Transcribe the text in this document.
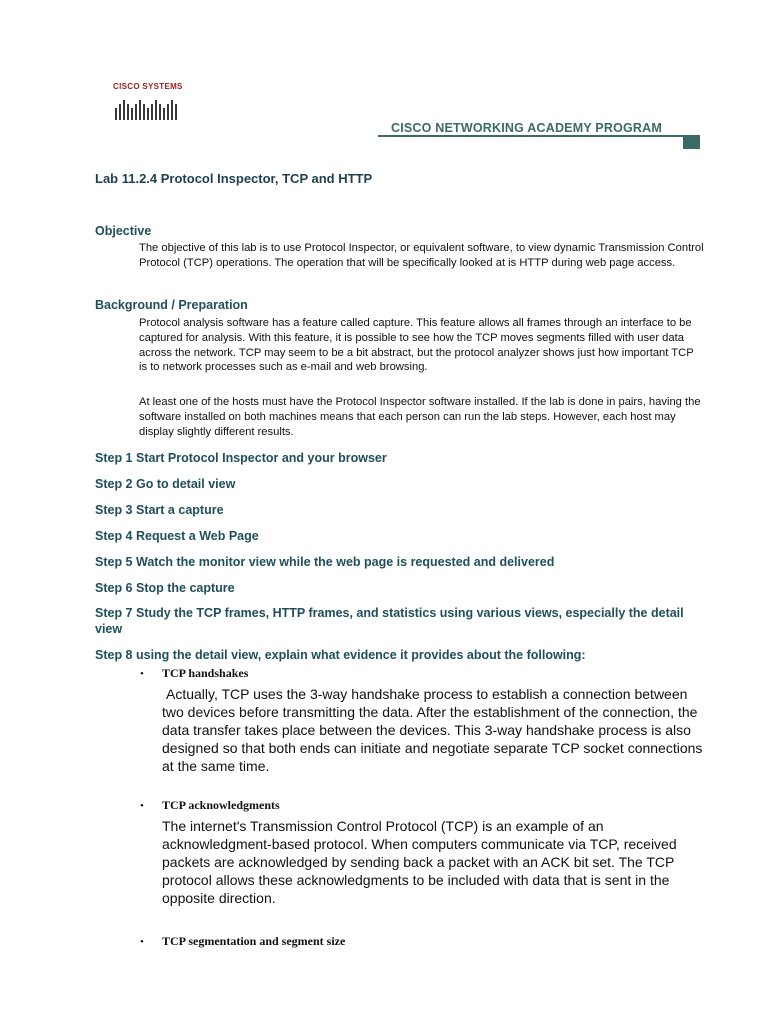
CISCO SYSTEMS
CISCO NETWORKING ACADEMY PROGRAM
Lab 11.2.4 Protocol Inspector, TCP and HTTP
Objective
The objective of this lab is to use Protocol Inspector, or equivalent software, to view dynamic Transmission Control Protocol (TCP) operations. The operation that will be specifically looked at is HTTP during web page access.
Background / Preparation
Protocol analysis software has a feature called capture. This feature allows all frames through an interface to be captured for analysis. With this feature, it is possible to see how the TCP moves segments filled with user data across the network. TCP may seem to be a bit abstract, but the protocol analyzer shows just how important TCP is to network processes such as e-mail and web browsing.
At least one of the hosts must have the Protocol Inspector software installed. If the lab is done in pairs, having the software installed on both machines means that each person can run the lab steps. However, each host may display slightly different results.
Step 1 Start Protocol Inspector and your browser
Step 2 Go to detail view
Step 3 Start a capture
Step 4 Request a Web Page
Step 5 Watch the monitor view while the web page is requested and delivered
Step 6 Stop the capture
Step 7 Study the TCP frames, HTTP frames, and statistics using various views, especially the detail view
Step 8 using the detail view, explain what evidence it provides about the following:
• TCP handshakes
Actually, TCP uses the 3-way handshake process to establish a connection between two devices before transmitting the data. After the establishment of the connection, the data transfer takes place between the devices. This 3-way handshake process is also designed so that both ends can initiate and negotiate separate TCP socket connections at the same time.
• TCP acknowledgments
The internet's Transmission Control Protocol (TCP) is an example of an acknowledgment-based protocol. When computers communicate via TCP, received packets are acknowledged by sending back a packet with an ACK bit set. The TCP protocol allows these acknowledgments to be included with data that is sent in the opposite direction.
• TCP segmentation and segment size
